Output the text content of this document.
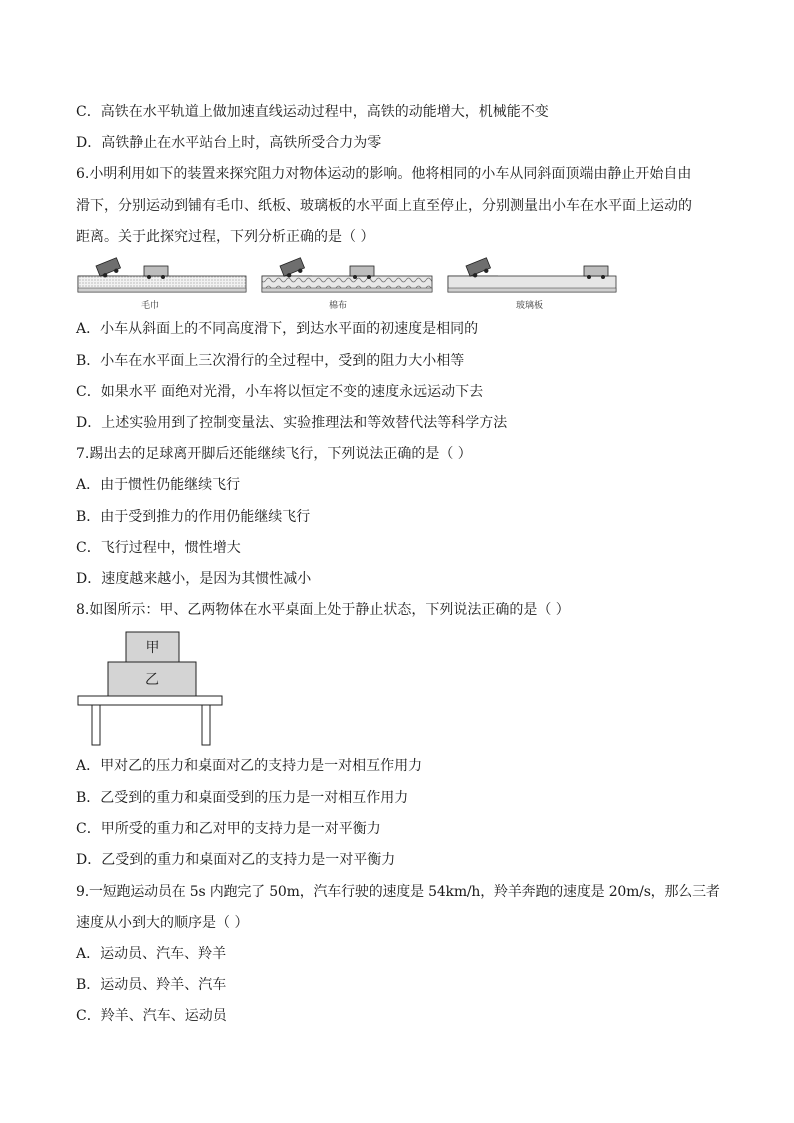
C．高铁在水平轨道上做加速直线运动过程中，高铁的动能增大，机械能不变
D．高铁静止在水平站台上时，高铁所受合力为零
6.小明利用如下的装置来探究阻力对物体运动的影响。他将相同的小车从同斜面顶端由静止开始自由
滑下，分别运动到铺有毛巾、纸板、玻璃板的水平面上直至停止，分别测量出小车在水平面上运动的
距离。关于此探究过程，下列分析正确的是（ ）
毛巾	棉布	玻璃板
A．小车从斜面上的不同高度滑下，到达水平面的初速度是相同的
B．小车在水平面上三次滑行的全过程中，受到的阻力大小相等
C．如果水平 面绝对光滑，小车将以恒定不变的速度永远运动下去
D．上述实验用到了控制变量法、实验推理法和等效替代法等科学方法
7.踢出去的足球离开脚后还能继续飞行，下列说法正确的是（ ）
A．由于惯性仍能继续飞行
B．由于受到推力的作用仍能继续飞行
C．飞行过程中，惯性增大
D．速度越来越小，是因为其惯性减小
8.如图所示：甲、乙两物体在水平桌面上处于静止状态，下列说法正确的是（ ）
甲
乙
A．甲对乙的压力和桌面对乙的支持力是一对相互作用力
B．乙受到的重力和桌面受到的压力是一对相互作用力
C．甲所受的重力和乙对甲的支持力是一对平衡力
D．乙受到的重力和桌面对乙的支持力是一对平衡力
9.一短跑运动员在 5s 内跑完了 50m，汽车行驶的速度是 54km/h，羚羊奔跑的速度是 20m/s，那么三者
速度从小到大的顺序是（ ）
A．运动员、汽车、羚羊
B．运动员、羚羊、汽车
C．羚羊、汽车、运动员
